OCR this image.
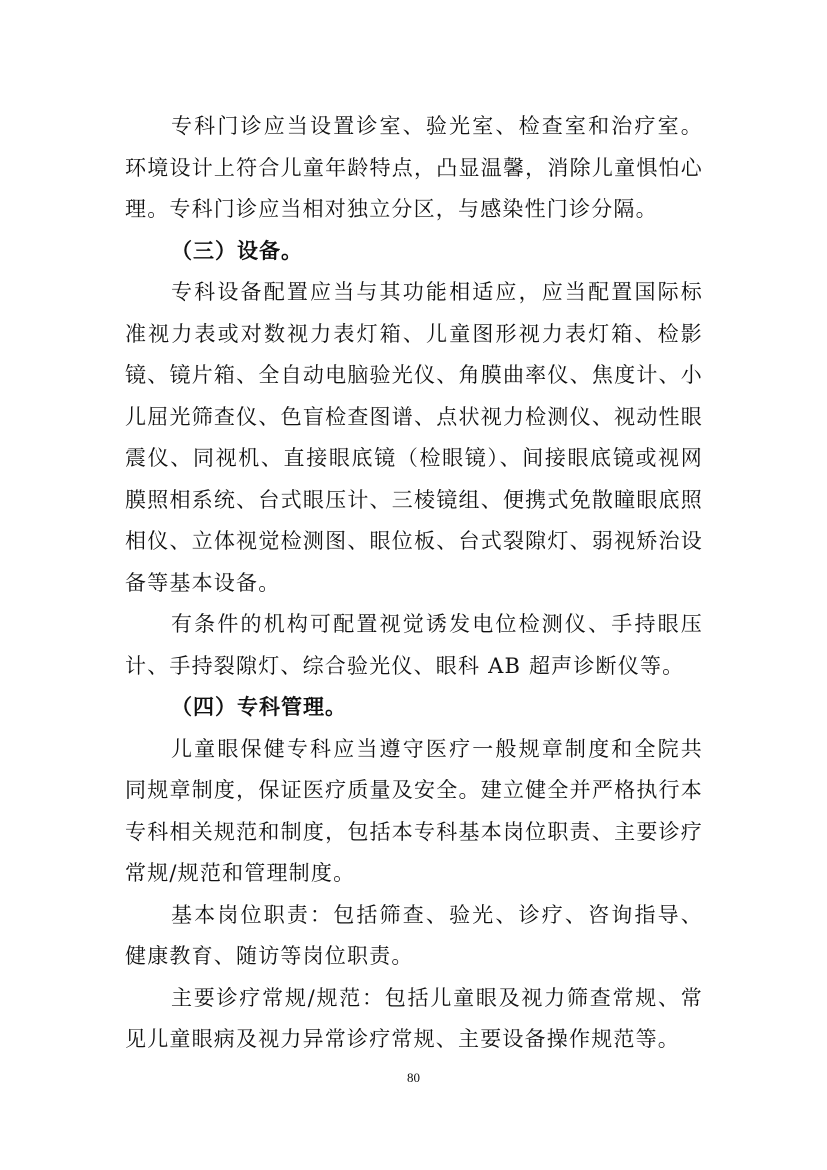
专科门诊应当设置诊室、验光室、检查室和治疗室。环境设计上符合儿童年龄特点，凸显温馨，消除儿童惧怕心理。专科门诊应当相对独立分区，与感染性门诊分隔。

（三）设备。

专科设备配置应当与其功能相适应，应当配置国际标准视力表或对数视力表灯箱、儿童图形视力表灯箱、检影镜、镜片箱、全自动电脑验光仪、角膜曲率仪、焦度计、小儿屈光筛查仪、色盲检查图谱、点状视力检测仪、视动性眼震仪、同视机、直接眼底镜（检眼镜）、间接眼底镜或视网膜照相系统、台式眼压计、三棱镜组、便携式免散瞳眼底照相仪、立体视觉检测图、眼位板、台式裂隙灯、弱视矫治设备等基本设备。

有条件的机构可配置视觉诱发电位检测仪、手持眼压计、手持裂隙灯、综合验光仪、眼科 AB 超声诊断仪等。

（四）专科管理。

儿童眼保健专科应当遵守医疗一般规章制度和全院共同规章制度，保证医疗质量及安全。建立健全并严格执行本专科相关规范和制度，包括本专科基本岗位职责、主要诊疗常规/规范和管理制度。

基本岗位职责：包括筛查、验光、诊疗、咨询指导、健康教育、随访等岗位职责。

主要诊疗常规/规范：包括儿童眼及视力筛查常规、常见儿童眼病及视力异常诊疗常规、主要设备操作规范等。

80
